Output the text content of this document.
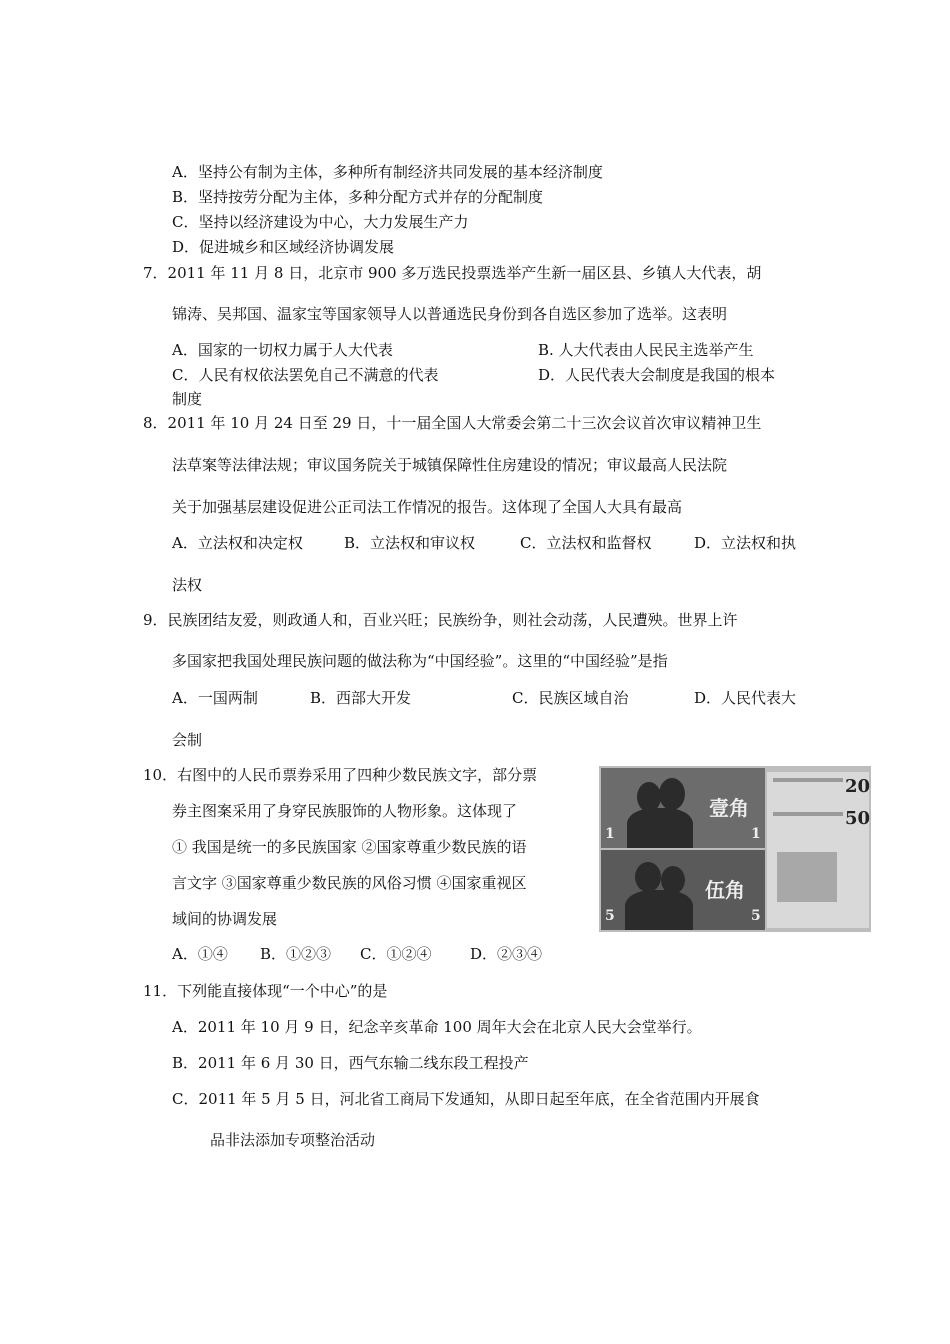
A．坚持公有制为主体，多种所有制经济共同发展的基本经济制度
B．坚持按劳分配为主体，多种分配方式并存的分配制度
C．坚持以经济建设为中心，大力发展生产力
D．促进城乡和区域经济协调发展
7．2011 年 11 月 8 日，北京市 900 多万选民投票选举产生新一届区县、乡镇人大代表，胡
锦涛、吴邦国、温家宝等国家领导人以普通选民身份到各自选区参加了选举。这表明
A．国家的一切权力属于人大代表	B. 人大代表由人民民主选举产生
C．人民有权依法罢免自己不满意的代表	D．人民代表大会制度是我国的根本
制度
8．2011 年 10 月 24 日至 29 日，十一届全国人大常委会第二十三次会议首次审议精神卫生
法草案等法律法规；审议国务院关于城镇保障性住房建设的情况；审议最高人民法院
关于加强基层建设促进公正司法工作情况的报告。这体现了全国人大具有最高
A．立法权和决定权	B．立法权和审议权	C．立法权和监督权	D．立法权和执
法权
9．民族团结友爱，则政通人和，百业兴旺；民族纷争，则社会动荡，人民遭殃。世界上许
多国家把我国处理民族问题的做法称为“中国经验”。这里的“中国经验”是指
A．一国两制	B．西部大开发	C．民族区域自治	D．人民代表大
会制
10．右图中的人民币票券采用了四种少数民族文字，部分票
券主图案采用了身穿民族服饰的人物形象。这体现了
① 我国是统一的多民族国家 ②国家尊重少数民族的语
言文字 ③国家尊重少数民族的风俗习惯 ④国家重视区
域间的协调发展
A．①④ B．①②③ C．①②④	D．②③④
壹角
1	1
伍角
5	5
20
50
11．下列能直接体现“一个中心”的是
A．2011 年 10 月 9 日，纪念辛亥革命 100 周年大会在北京人民大会堂举行。
B．2011 年 6 月 30 日，西气东输二线东段工程投产
C．2011 年 5 月 5 日，河北省工商局下发通知，从即日起至年底，在全省范围内开展食
品非法添加专项整治活动
